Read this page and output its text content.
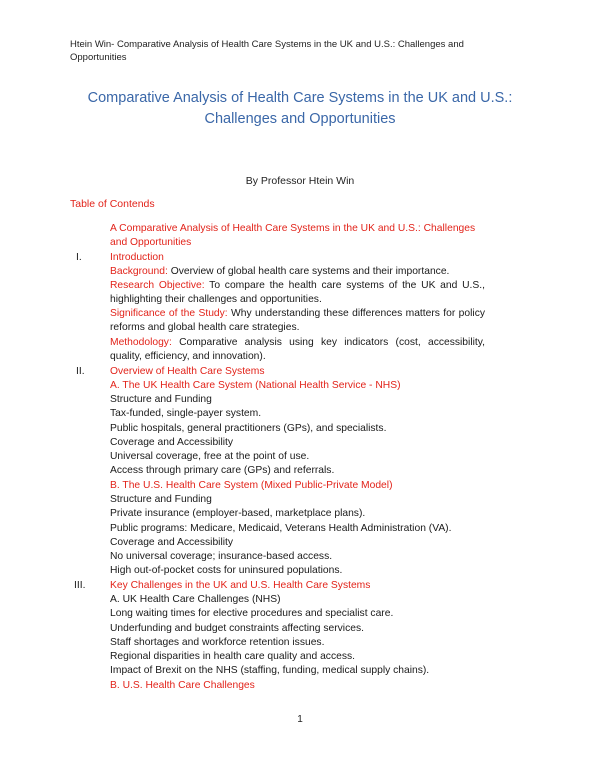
Htein Win- Comparative Analysis of Health Care Systems in the UK and U.S.: Challenges and Opportunities
Comparative Analysis of Health Care Systems in the UK and U.S.: Challenges and Opportunities
By Professor Htein Win
Table of Contends
A Comparative Analysis of Health Care Systems in the UK and U.S.: Challenges and Opportunities
I.	Introduction
Background: Overview of global health care systems and their importance.
Research Objective: To compare the health care systems of the UK and U.S., highlighting their challenges and opportunities.
Significance of the Study: Why understanding these differences matters for policy reforms and global health care strategies.
Methodology: Comparative analysis using key indicators (cost, accessibility, quality, efficiency, and innovation).
II. Overview of Health Care Systems
A. The UK Health Care System (National Health Service - NHS)
Structure and Funding
Tax-funded, single-payer system.
Public hospitals, general practitioners (GPs), and specialists.
Coverage and Accessibility
Universal coverage, free at the point of use.
Access through primary care (GPs) and referrals.
B. The U.S. Health Care System (Mixed Public-Private Model)
Structure and Funding
Private insurance (employer-based, marketplace plans).
Public programs: Medicare, Medicaid, Veterans Health Administration (VA).
Coverage and Accessibility
No universal coverage; insurance-based access.
High out-of-pocket costs for uninsured populations.
III. Key Challenges in the UK and U.S. Health Care Systems
A. UK Health Care Challenges (NHS)
Long waiting times for elective procedures and specialist care.
Underfunding and budget constraints affecting services.
Staff shortages and workforce retention issues.
Regional disparities in health care quality and access.
Impact of Brexit on the NHS (staffing, funding, medical supply chains).
B. U.S. Health Care Challenges
1
